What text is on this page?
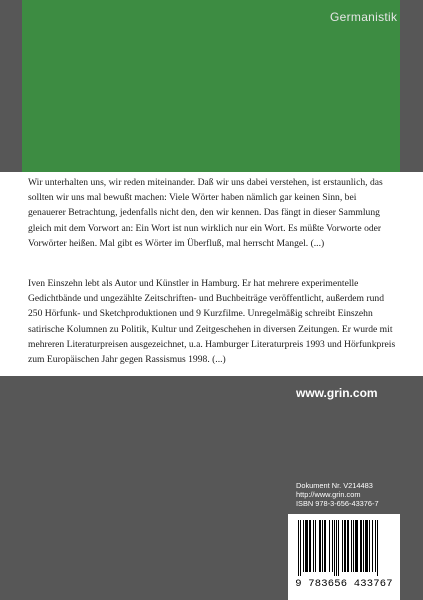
Germanistik

Wir unterhalten uns, wir reden miteinander. Daß wir uns dabei verstehen, ist erstaunlich, das sollten wir uns mal bewußt machen: Viele Wörter haben nämlich gar keinen Sinn, bei genauerer Betrachtung, jedenfalls nicht den, den wir kennen. Das fängt in dieser Sammlung gleich mit dem Vorwort an: Ein Wort ist nun wirklich nur ein Wort. Es müßte Vorworte oder Vorwörter heißen. Mal gibt es Wörter im Überfluß, mal herrscht Mangel. (...)

Iven Einszehn lebt als Autor und Künstler in Hamburg. Er hat mehrere experimentelle Gedichtbände und ungezählte Zeitschriften- und Buchbeiträge veröffentlicht, außerdem rund 250 Hörfunk- und Sketchproduktionen und 9 Kurzfilme. Unregelmäßig schreibt Einszehn satirische Kolumnen zu Politik, Kultur und Zeitgeschehen in diversen Zeitungen. Er wurde mit mehreren Literaturpreisen ausgezeichnet, u.a. Hamburger Literaturpreis 1993 und Hörfunkpreis zum Europäischen Jahr gegen Rassismus 1998. (...)

www.grin.com
Dokument Nr. V214483
http://www.grin.com
ISBN 978-3-656-43376-7
9 783656 433767
